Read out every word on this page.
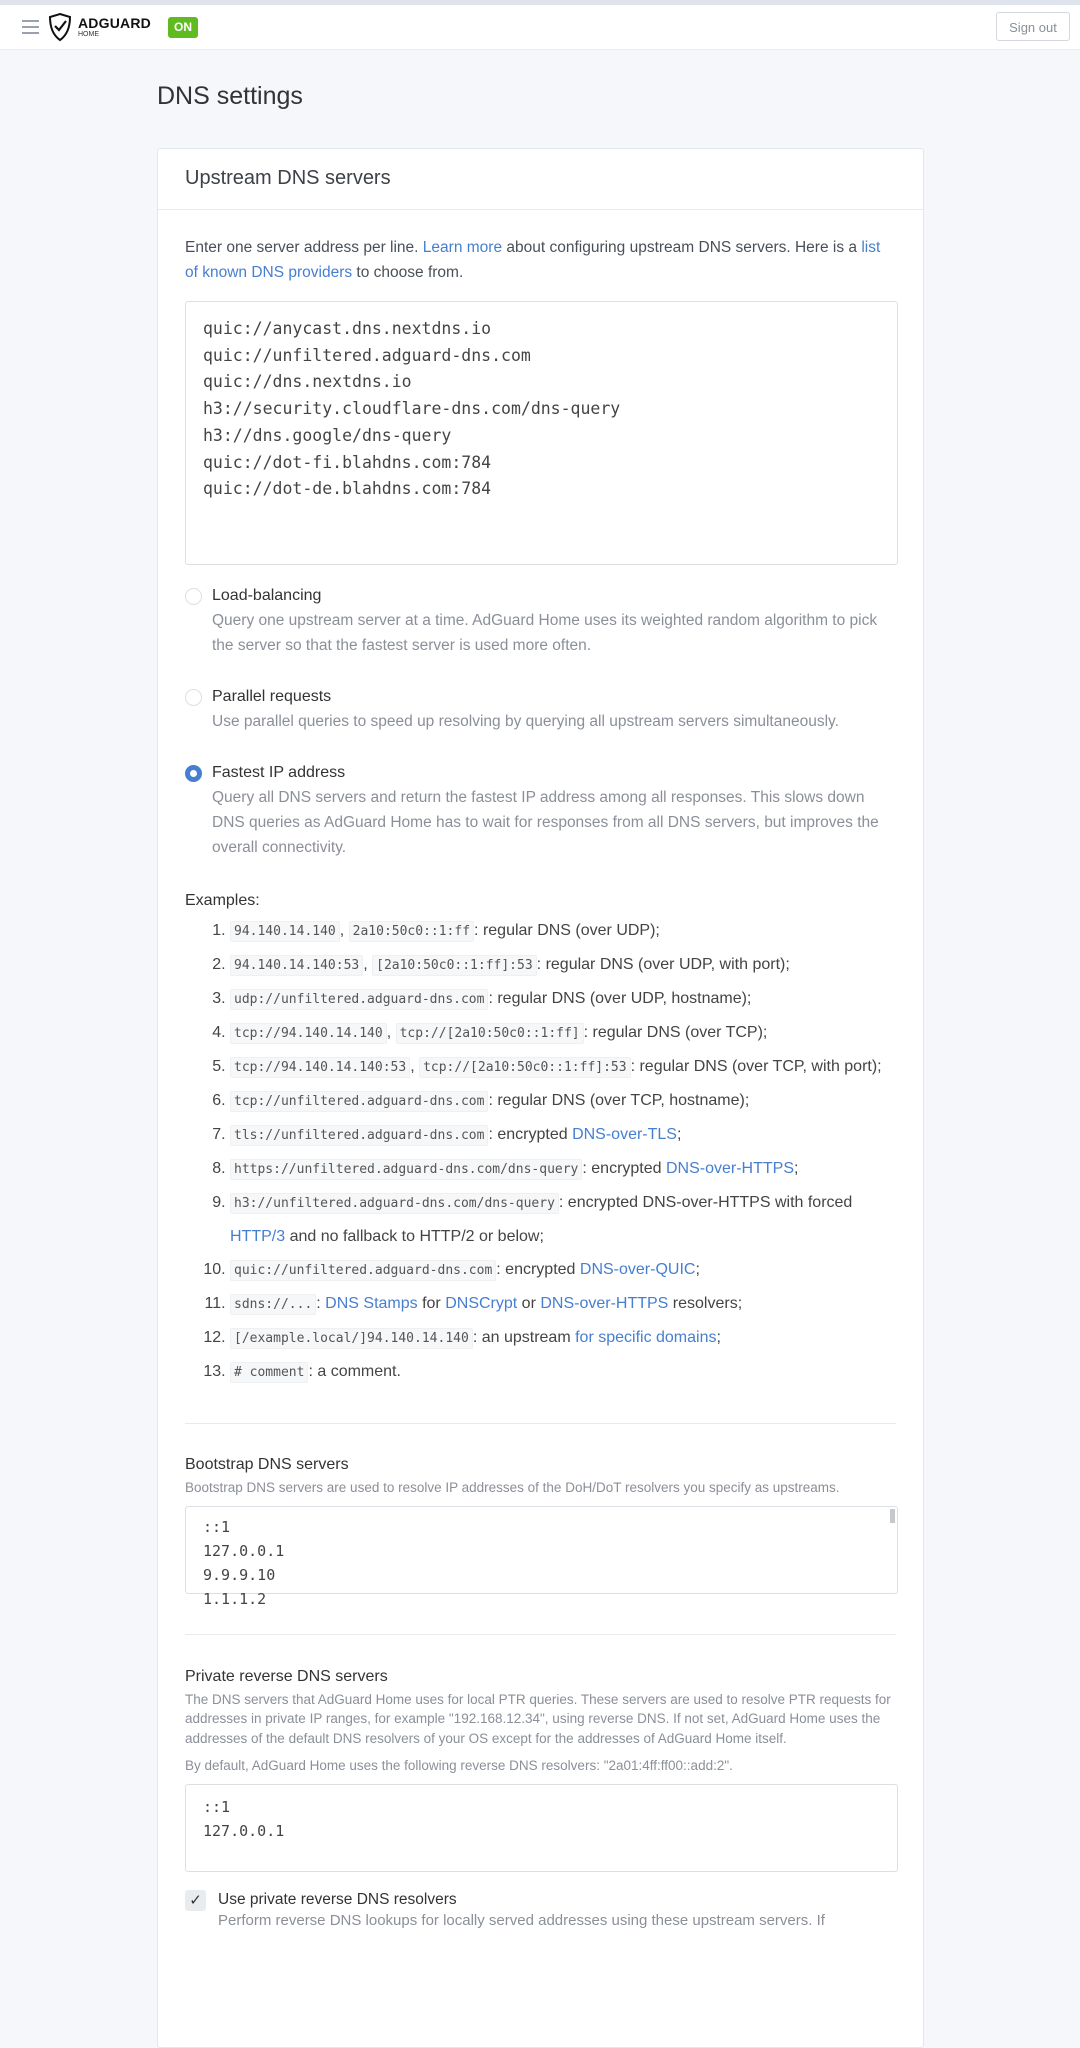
ADGUARD
HOME
ON	Sign out
DNS settings
Upstream DNS servers

Enter one server address per line. Learn more about configuring upstream DNS servers. Here is a list of known DNS providers to choose from.

quic://anycast.dns.nextdns.io
quic://unfiltered.adguard-dns.com
quic://dns.nextdns.io
h3://security.cloudflare-dns.com/dns-query
h3://dns.google/dns-query
quic://dot-fi.blahdns.com:784
quic://dot-de.blahdns.com:784
Load-balancing
Query one upstream server at a time. AdGuard Home uses its weighted random algorithm to pick the server so that the fastest server is used more often.
Parallel requests
Use parallel queries to speed up resolving by querying all upstream servers simultaneously.
Fastest IP address
Query all DNS servers and return the fastest IP address among all responses. This slows down DNS queries as AdGuard Home has to wait for responses from all DNS servers, but improves the overall connectivity.
Examples:
1. 94.140.14.140 , 2a10:50c0::1:ff : regular DNS (over UDP);
2. 94.140.14.140:53 , [2a10:50c0::1:ff]:53 : regular DNS (over UDP, with port);
3. udp://unfiltered.adguard-dns.com : regular DNS (over UDP, hostname);
4. tcp://94.140.14.140 , tcp://[2a10:50c0::1:ff] : regular DNS (over TCP);
5. tcp://94.140.14.140:53 , tcp://[2a10:50c0::1:ff]:53 : regular DNS (over TCP, with port);
6. tcp://unfiltered.adguard-dns.com : regular DNS (over TCP, hostname);
7. tls://unfiltered.adguard-dns.com : encrypted DNS-over-TLS;
8. https://unfiltered.adguard-dns.com/dns-query : encrypted DNS-over-HTTPS;
9. h3://unfiltered.adguard-dns.com/dns-query : encrypted DNS-over-HTTPS with forced HTTP/3 and no fallback to HTTP/2 or below;
10. quic://unfiltered.adguard-dns.com : encrypted DNS-over-QUIC;
11. sdns://... : DNS Stamps for DNSCrypt or DNS-over-HTTPS resolvers;
12. [/example.local/]94.140.14.140 : an upstream for specific domains;
13. # comment : a comment.
Bootstrap DNS servers
Bootstrap DNS servers are used to resolve IP addresses of the DoH/DoT resolvers you specify as upstreams.
::1
127.0.0.1
9.9.9.10
1.1.1.2
Private reverse DNS servers
The DNS servers that AdGuard Home uses for local PTR queries. These servers are used to resolve PTR requests for addresses in private IP ranges, for example "192.168.12.34", using reverse DNS. If not set, AdGuard Home uses the addresses of the default DNS resolvers of your OS except for the addresses of AdGuard Home itself.
By default, AdGuard Home uses the following reverse DNS resolvers: "2a01:4ff:ff00::add:2".
::1
127.0.0.1
✓ Use private reverse DNS resolvers
Perform reverse DNS lookups for locally served addresses using these upstream servers. If
